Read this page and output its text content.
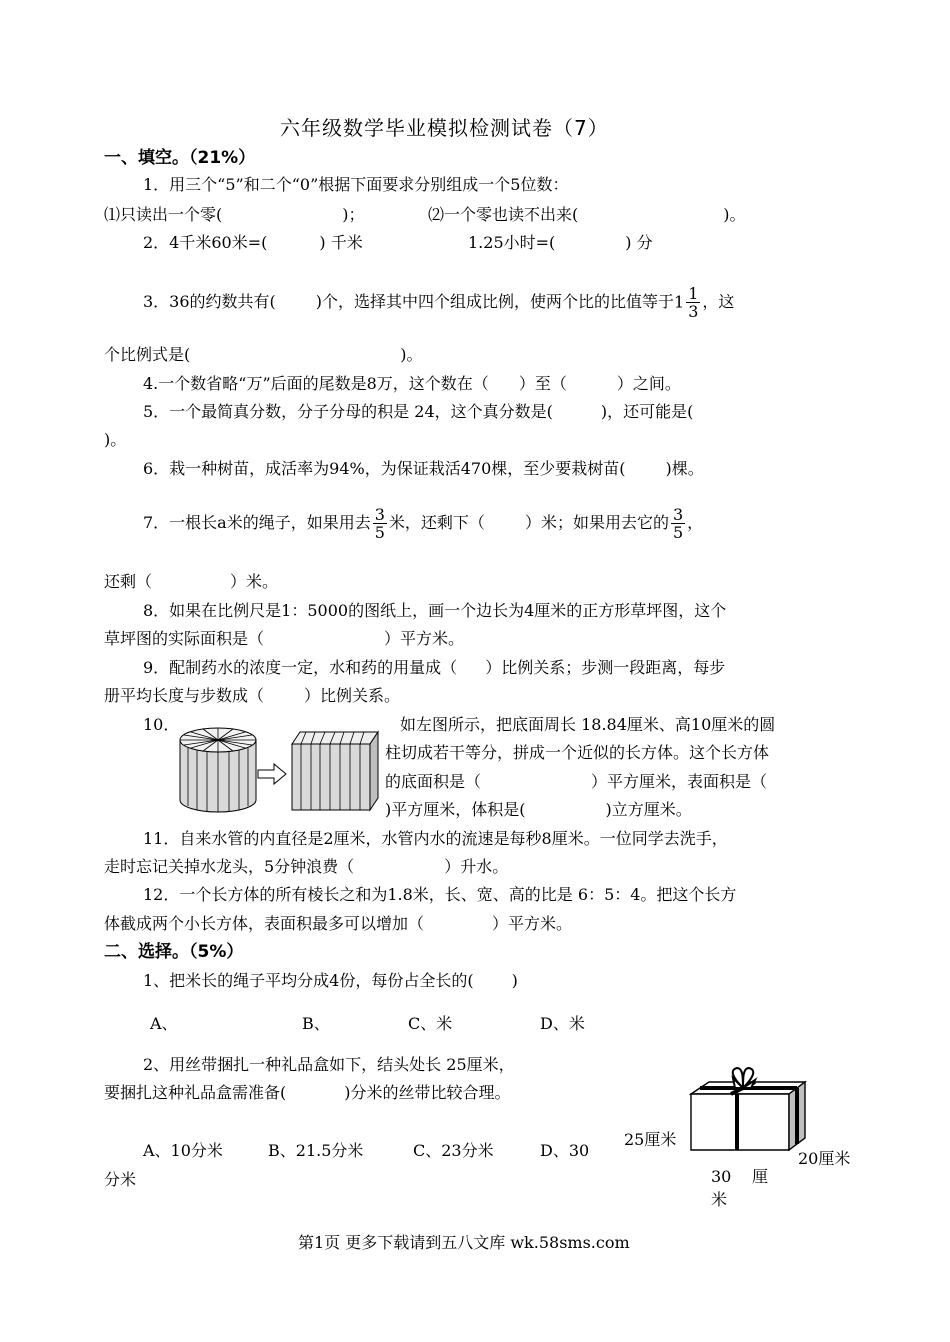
六年级数学毕业模拟检测试卷（7）
一、填空。（21%）
1．用三个“5”和二个“0”根据下面要求分别组成一个5位数：
⑴只读出一个零(	)；	⑵一个零也读不出来(	)。
2．4千米60米=(	) 千米	1.25小时=(	) 分
3．36的约数共有(	)个，选择其中四个组成比例，使两个比的比值等于$1 \frac{1}{3}$ ，这
个比例式是(	)。
4.一个数省略“万”后面的尾数是8万，这个数在（ ）至（	）之间。
5．一个最简真分数，分子分母的积是 24，这个真分数是(	)，还可能是(
)。
6．栽一种树苗，成活率为94%，为保证栽活470棵，至少要栽树苗(	)棵。
7．一根长a米的绳子，如果用去 $\frac{3}{5}$ 米，还剩下（	）米；如果用去它的 $\frac{3}{5}$ ，
还剩（	）米。
8．如果在比例尺是1：5000的图纸上，画一个边长为4厘米的正方形草坪图，这个
草坪图的实际面积是（	）平方米。
9．配制药水的浓度一定，水和药的用量成（ ）比例关系；步测一段距离，每步
册平均长度与步数成（	）比例关系。
10．	如左图所示，把底面周长 18.84厘米、高10厘米的圆
柱切成若干等分，拼成一个近似的长方体。这个长方体
的底面积是（	）平方厘米，表面积是（
)平方厘米，体积是(	)立方厘米。
11．自来水管的内直径是2厘米，水管内水的流速是每秒8厘米。一位同学去洗手，
走时忘记关掉水龙头，5分钟浪费（	）升水。
12．一个长方体的所有棱长之和为1.8米，长、宽、高的比是 6：5：4。把这个长方
体截成两个小长方体，表面积最多可以增加（	）平方米。
二、选择。（5%）
1、把米长的绳子平均分成4份，每份占全长的( )
A、	B、	C、米	D、米
2、用丝带捆扎一种礼品盒如下，结头处长 25厘米，
要捆扎这种礼品盒需准备(	)分米的丝带比较合理。
A、10分米	B、21.5分米	C、23分米	D、30
分米
25厘米
20厘米
30 厘
米
第1页 更多下载请到五八文库 wk.58sms.com
